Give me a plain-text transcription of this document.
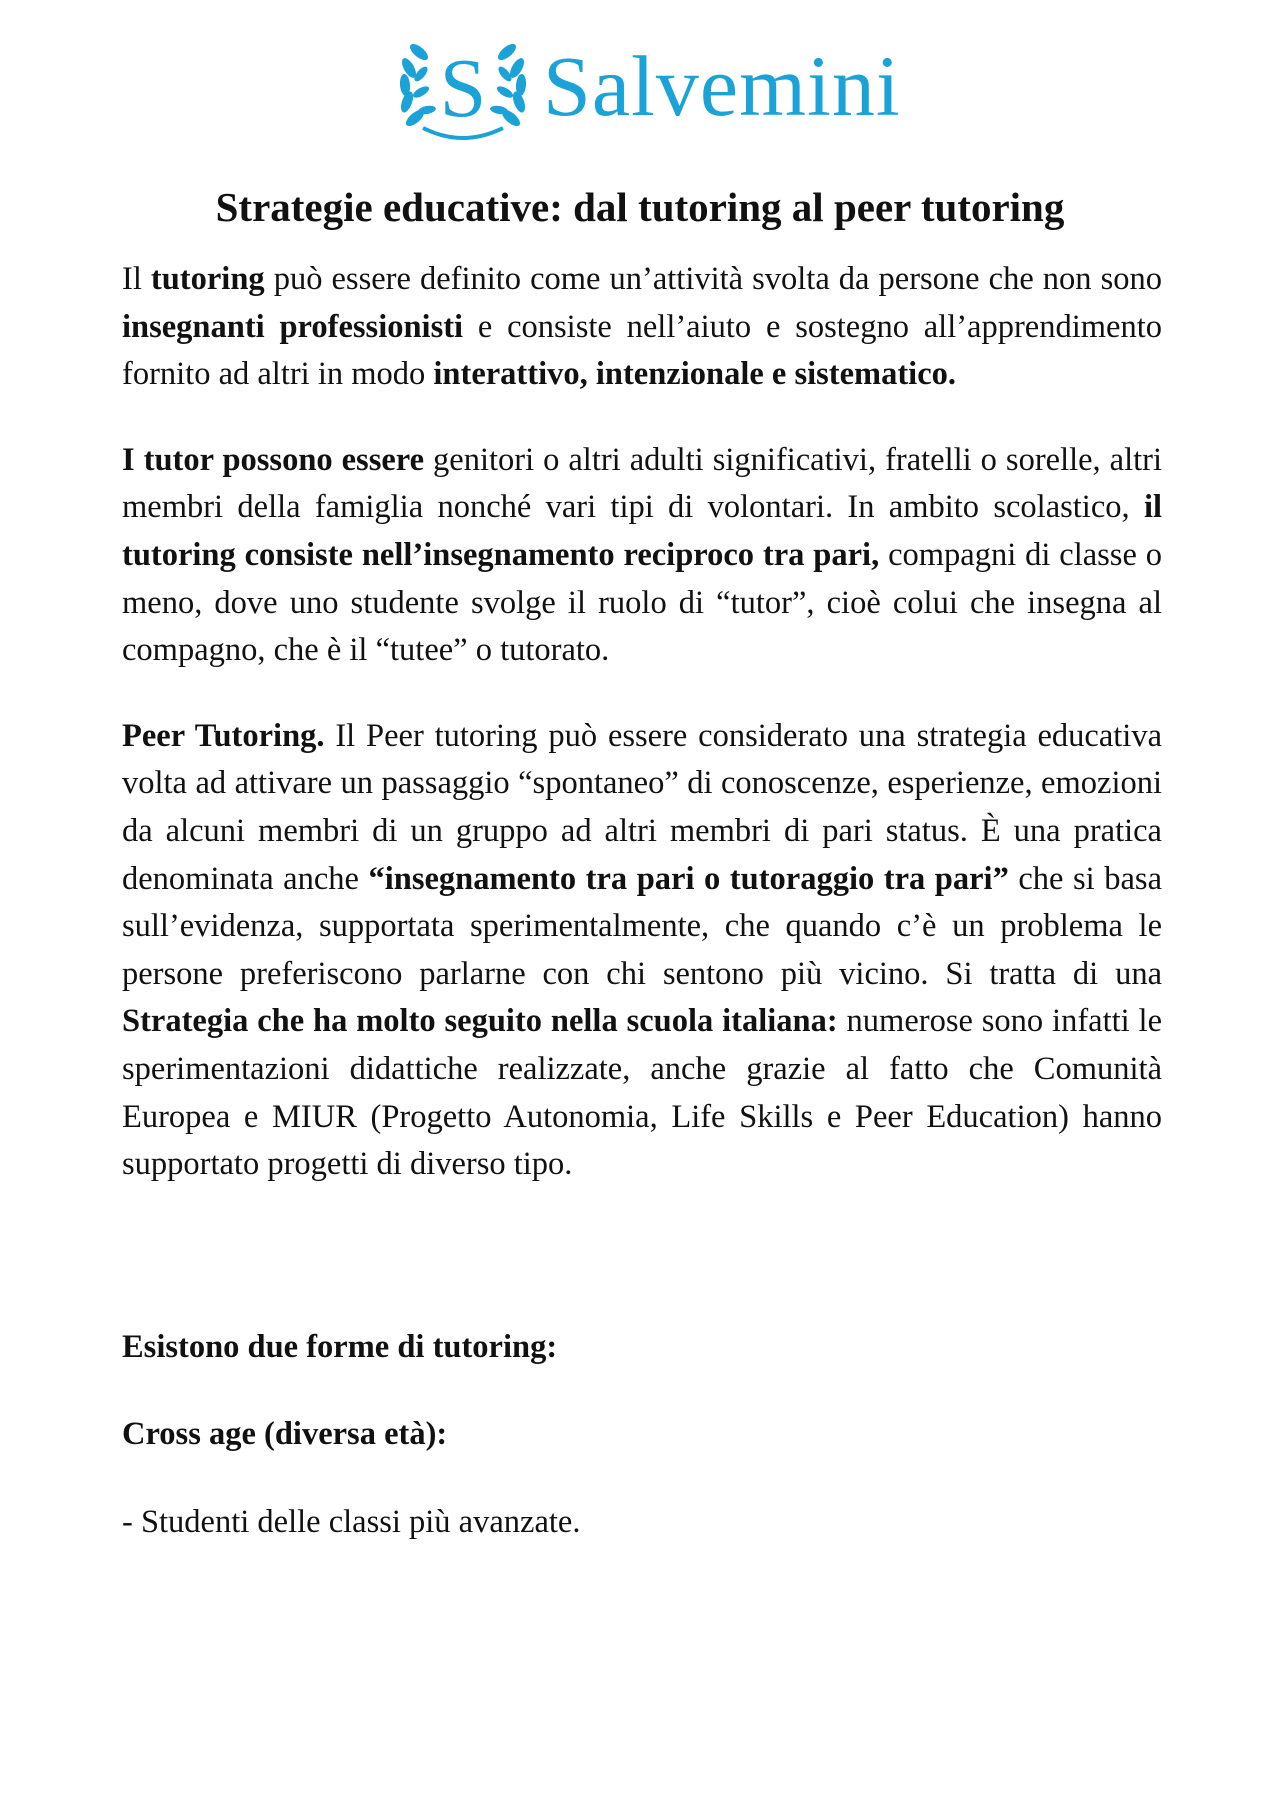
S Salvemini
Strategie educative: dal tutoring al peer tutoring

Il tutoring può essere definito come un’attività svolta da persone che non sono insegnanti professionisti e consiste nell’aiuto e sostegno all’apprendimento fornito ad altri in modo interattivo, intenzionale e sistematico.

I tutor possono essere genitori o altri adulti significativi, fratelli o sorelle, altri membri della famiglia nonché vari tipi di volontari. In ambito scolastico, il tutoring consiste nell’insegnamento reciproco tra pari, compagni di classe o meno, dove uno studente svolge il ruolo di “tutor”, cioè colui che insegna al compagno, che è il “tutee” o tutorato.

Peer Tutoring. Il Peer tutoring può essere considerato una strategia educativa volta ad attivare un passaggio “spontaneo” di conoscenze, esperienze, emozioni da alcuni membri di un gruppo ad altri membri di pari status. È una pratica denominata anche “insegnamento tra pari o tutoraggio tra pari” che si basa sull’evidenza, supportata sperimentalmente, che quando c’è un problema le persone preferiscono parlarne con chi sentono più vicino. Si tratta di una Strategia che ha molto seguito nella scuola italiana: numerose sono infatti le sperimentazioni didattiche realizzate, anche grazie al fatto che Comunità Europea e MIUR (Progetto Autonomia, Life Skills e Peer Education) hanno supportato progetti di diverso tipo.

Esistono due forme di tutoring:

Cross age (diversa età):

- Studenti delle classi più avanzate.
